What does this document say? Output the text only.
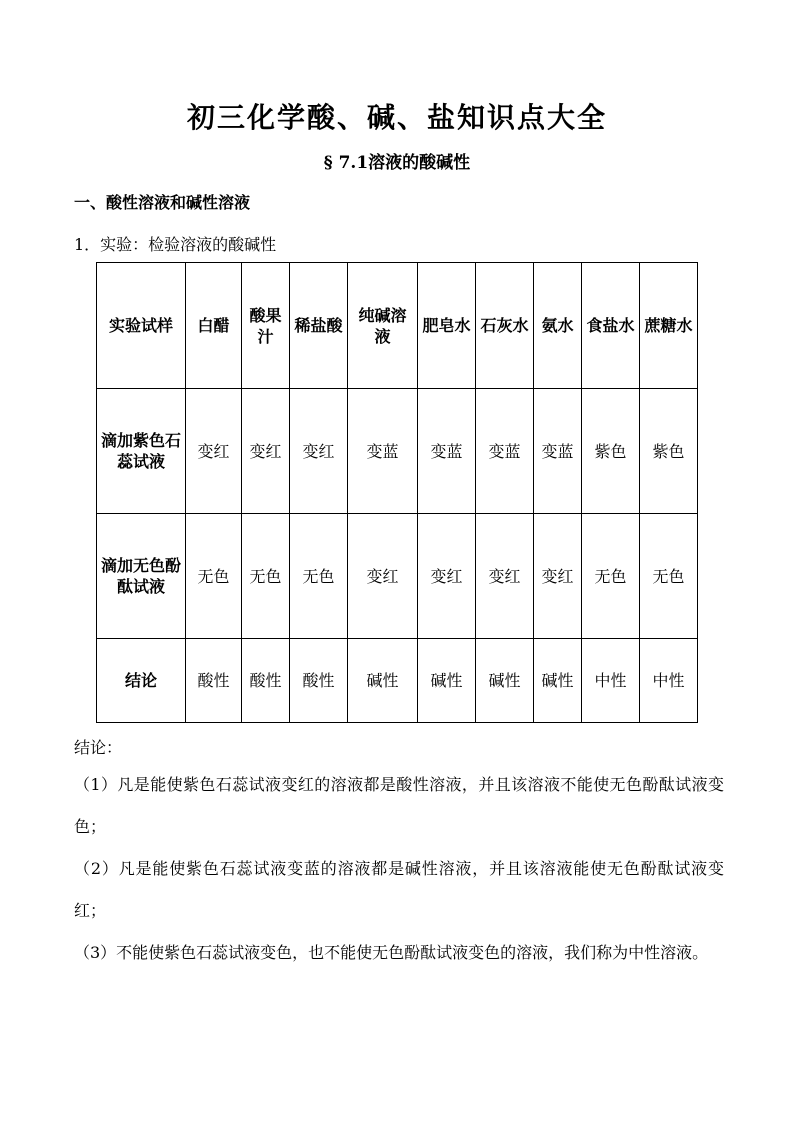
初三化学酸、碱、盐知识点大全
§ 7.1溶液的酸碱性
一、酸性溶液和碱性溶液
1．实验：检验溶液的酸碱性
实验试样	白醋	酸果汁	稀盐酸	纯碱溶液	肥皂水	石灰水	氨水	食盐水	蔗糖水
滴加紫色石蕊试液	变红	变红	变红	变蓝	变蓝	变蓝	变蓝	紫色	紫色
滴加无色酚酞试液	无色	无色	无色	变红	变红	变红	变红	无色	无色
结论	酸性	酸性	酸性	碱性	碱性	碱性	碱性	中性	中性
结论：
（1）凡是能使紫色石蕊试液变红的溶液都是酸性溶液，并且该溶液不能使无色酚酞试液变色；
（2）凡是能使紫色石蕊试液变蓝的溶液都是碱性溶液，并且该溶液能使无色酚酞试液变红；
（3）不能使紫色石蕊试液变色，也不能使无色酚酞试液变色的溶液，我们称为中性溶液。
